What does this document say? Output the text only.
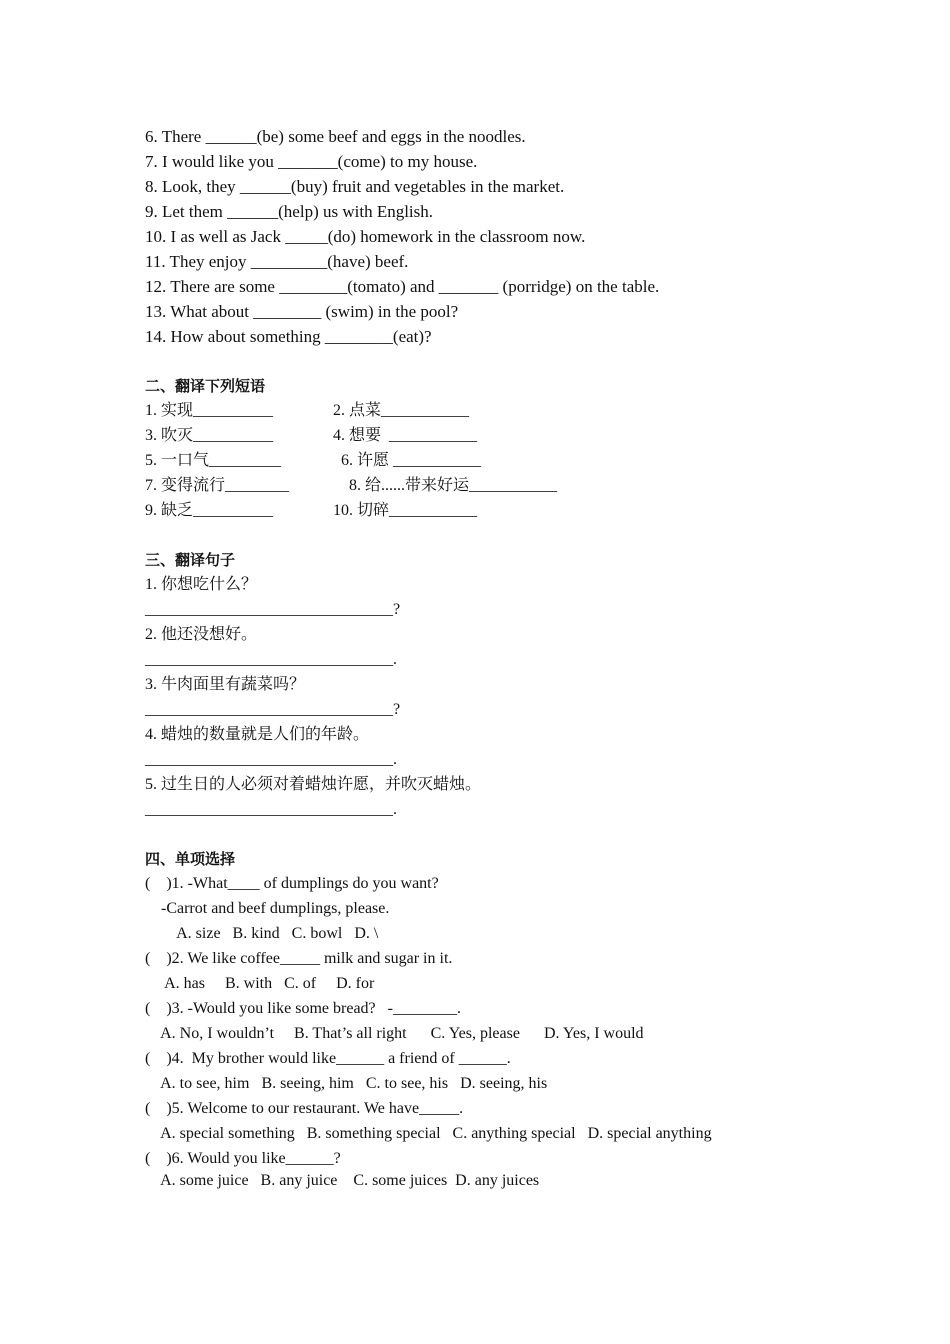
6. There ______(be) some beef and eggs in the noodles.
7. I would like you _______(come) to my house.
8. Look, they ______(buy) fruit and vegetables in the market.
9. Let them ______(help) us with English.
10. I as well as Jack _____(do) homework in the classroom now.
11. They enjoy _________(have) beef.
12. There are some ________(tomato) and _______ (porridge) on the table.
13. What about ________ (swim) in the pool?
14. How about something ________(eat)?
二、翻译下列短语
1. 实现__________	2. 点菜___________
3. 吹灭__________	4. 想要  ___________
5. 一口气_________	6. 许愿 ___________
7. 变得流行________	8. 给......带来好运___________
9. 缺乏__________	10. 切碎___________
三、翻译句子
1. 你想吃什么？
_______________________________?
2. 他还没想好。
_______________________________.
3. 牛肉面里有蔬菜吗？
_______________________________?
4. 蜡烛的数量就是人们的年龄。
_______________________________.
5. 过生日的人必须对着蜡烛许愿，并吹灭蜡烛。
_______________________________.
四、单项选择
(    )1. -What____ of dumplings do you want?
-Carrot and beef dumplings, please.
A. size   B. kind   C. bowl   D. \
(    )2. We like coffee_____ milk and sugar in it.
A. has     B. with   C. of     D. for
(    )3. -Would you like some bread?   -________.
A. No, I wouldn’t     B. That’s all right      C. Yes, please      D. Yes, I would
(    )4.  My brother would like______ a friend of ______.
A. to see, him   B. seeing, him   C. to see, his   D. seeing, his
(    )5. Welcome to our restaurant. We have_____.
A. special something   B. something special   C. anything special   D. special anything
(    )6. Would you like______?
A. some juice   B. any juice    C. some juices  D. any juices
